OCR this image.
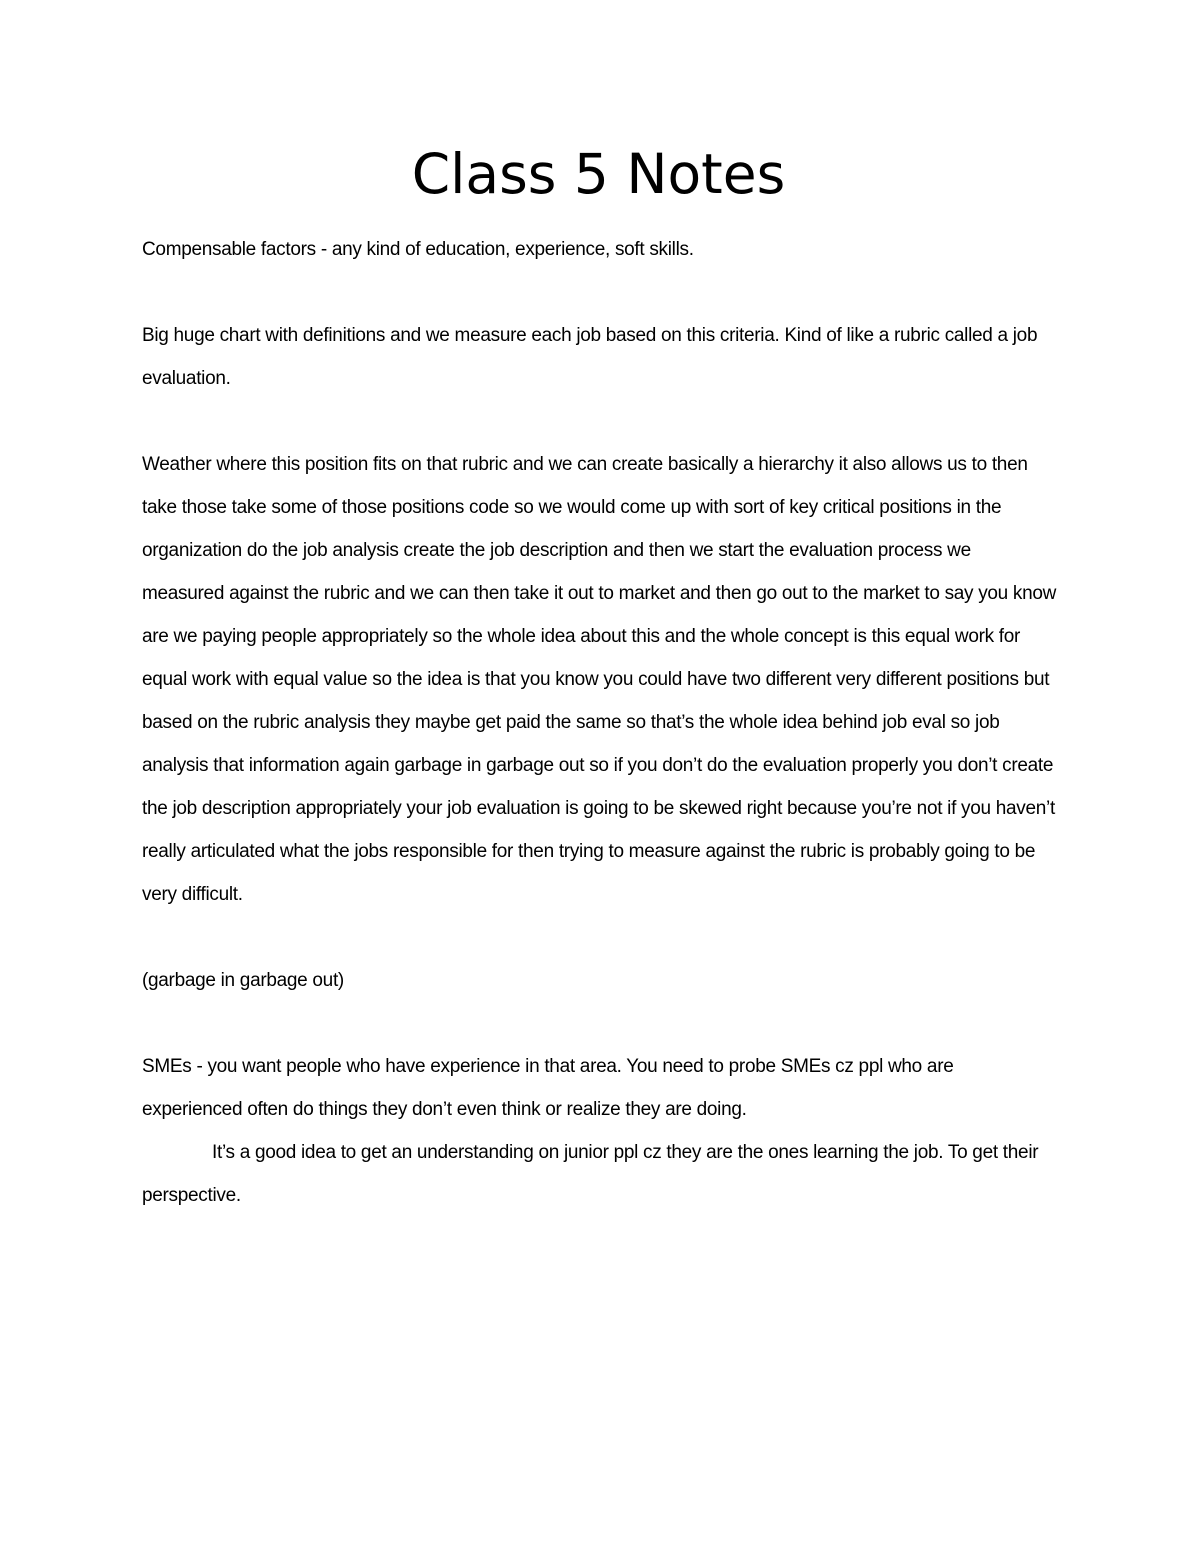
Class 5 Notes

Compensable factors - any kind of education, experience, soft skills.

Big huge chart with definitions and we measure each job based on this criteria. Kind of like a rubric called a job evaluation.

Weather where this position fits on that rubric and we can create basically a hierarchy it also allows us to then take those take some of those positions code so we would come up with sort of key critical positions in the organization do the job analysis create the job description and then we start the evaluation process we measured against the rubric and we can then take it out to market and then go out to the market to say you know are we paying people appropriately so the whole idea about this and the whole concept is this equal work for equal work with equal value so the idea is that you know you could have two different very different positions but based on the rubric analysis they maybe get paid the same so that’s the whole idea behind job eval so job analysis that information again garbage in garbage out so if you don’t do the evaluation properly you don’t create the job description appropriately your job evaluation is going to be skewed right because you’re not if you haven’t really articulated what the jobs responsible for then trying to measure against the rubric is probably going to be very difficult.

(garbage in garbage out)

SMEs - you want people who have experience in that area. You need to probe SMEs cz ppl who are experienced often do things they don’t even think or realize they are doing.

It’s a good idea to get an understanding on junior ppl cz they are the ones learning the job. To get their perspective.
